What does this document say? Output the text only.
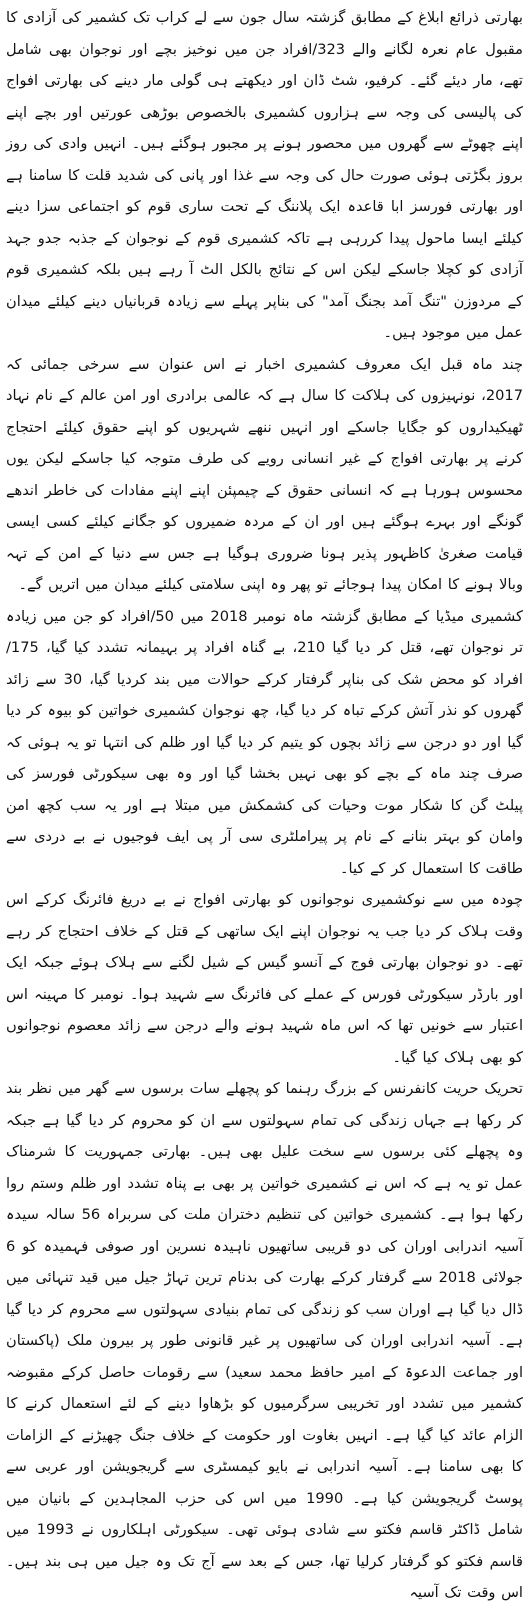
بھارتی ذرائع ابلاغ کے مطابق گزشتہ سال جون سے لے کراب تک کشمیر کی آزادی کا مقبول عام نعرہ لگانے والے 323/افراد جن میں نوخیز بچے اور نوجوان بھی شامل تھے، مار دیئے گئے۔ کرفیو، شٹ ڈان اور دیکھتے ہی گولی مار دینے کی بھارتی افواج کی پالیسی کی وجہ سے ہزاروں کشمیری بالخصوص بوڑھی عورتیں اور بچے اپنے اپنے چھوٹے سے گھروں میں محصور ہونے پر مجبور ہوگئے ہیں۔ انہیں وادی کی روز بروز بگڑتی ہوئی صورت حال کی وجہ سے غذا اور پانی کی شدید قلت کا سامنا ہے اور بھارتی فورسز ابا قاعدہ ایک پلاننگ کے تحت ساری قوم کو اجتماعی سزا دینے کیلئے ایسا ماحول پیدا کررہی ہے تاکہ کشمیری قوم کے نوجوان کے جذبہ جدو جہد آزادی کو کچلا جاسکے لیکن اس کے نتائج بالکل الٹ آ رہے ہیں بلکہ کشمیری قوم کے مردوزن "تنگ آمد بجنگ آمد" کی بناپر پہلے سے زیادہ قربانیاں دینے کیلئے میدان عمل میں موجود ہیں۔

چند ماہ قبل ایک معروف کشمیری اخبار نے اس عنوان سے سرخی جمائی کہ 2017، نونہیزوں کی ہلاکت کا سال ہے کہ عالمی برادری اور امن عالم کے نام نہاد ٹھیکیداروں کو جگایا جاسکے اور انہیں ننھے شہریوں کو اپنے حقوق کیلئے احتجاج کرنے پر بھارتی افواج کے غیر انسانی رویے کی طرف متوجہ کیا جاسکے لیکن یوں محسوس ہورہا ہے کہ انسانی حقوق کے چیمپئن اپنے اپنے مفادات کی خاطر اندھے گونگے اور بہرے ہوگئے ہیں اور ان کے مردہ ضمیروں کو جگانے کیلئے کسی ایسی قیامت صغریٰ کاظہور پذیر ہونا ضروری ہوگیا ہے جس سے دنیا کے امن کے تہہ وبالا ہونے کا امکان پیدا ہوجائے تو پھر وہ اپنی سلامتی کیلئے میدان میں اتریں گے۔

کشمیری میڈیا کے مطابق گزشتہ ماہ نومبر 2018 میں 50/افراد کو جن میں زیادہ تر نوجوان تھے، قتل کر دیا گیا 210، بے گناہ افراد پر بہیمانہ تشدد کیا گیا، 175/افراد کو محض شک کی بناپر گرفتار کرکے حوالات میں بند کردیا گیا، 30 سے زائد گھروں کو نذر آتش کرکے تباہ کر دیا گیا، چھ نوجوان کشمیری خواتین کو بیوہ کر دیا گیا اور دو درجن سے زائد بچوں کو یتیم کر دیا گیا اور ظلم کی انتہا تو یہ ہوئی کہ صرف چند ماہ کے بچے کو بھی نہیں بخشا گیا اور وہ بھی سیکورٹی فورسز کی پیلٹ گن کا شکار موت وحیات کی کشمکش میں مبتلا ہے اور یہ سب کچھ امن وامان کو بہتر بنانے کے نام پر پیراملٹری سی آر پی ایف فوجیوں نے بے دردی سے طاقت کا استعمال کر کے کیا۔

چودہ میں سے نوکشمیری نوجوانوں کو بھارتی افواج نے بے دریغ فائرنگ کرکے اس وقت ہلاک کر دیا جب یہ نوجوان اپنے ایک ساتھی کے قتل کے خلاف احتجاج کر رہے تھے۔ دو نوجوان بھارتی فوج کے آنسو گیس کے شیل لگنے سے ہلاک ہوئے جبکہ ایک اور بارڈر سیکورٹی فورس کے عملے کی فائرنگ سے شہید ہوا۔ نومبر کا مہینہ اس اعتبار سے خونیں تھا کہ اس ماہ شہید ہونے والے درجن سے زائد معصوم نوجوانوں کو بھی ہلاک کیا گیا۔

تحریک حریت کانفرنس کے بزرگ رہنما کو پچھلے سات برسوں سے گھر میں نظر بند کر رکھا ہے جہاں زندگی کی تمام سہولتوں سے ان کو محروم کر دیا گیا ہے جبکہ وہ پچھلے کئی برسوں سے سخت علیل بھی ہیں۔ بھارتی جمہوریت کا شرمناک عمل تو یہ ہے کہ اس نے کشمیری خواتین پر بھی بے پناہ تشدد اور ظلم وستم روا رکھا ہوا ہے۔ کشمیری خواتین کی تنظیم دختران ملت کی سربراہ 56 سالہ سیدہ آسیہ اندرابی اوران کی دو قریبی ساتھیوں ناہیدہ نسرین اور صوفی فہمیدہ کو 6 جولائی 2018 سے گرفتار کرکے بھارت کی بدنام ترین تہاڑ جیل میں قید تنہائی میں ڈال دیا گیا ہے اوران سب کو زندگی کی تمام بنیادی سہولتوں سے محروم کر دیا گیا ہے۔ آسیہ اندرابی اوران کی ساتھیوں پر غیر قانونی طور پر بیرون ملک (پاکستان اور جماعت الدعوۃ کے امیر حافظ محمد سعید) سے رقومات حاصل کرکے مقبوضہ کشمیر میں تشدد اور تخریبی سرگرمیوں کو بڑھاوا دینے کے لئے استعمال کرنے کا الزام عائد کیا گیا ہے۔ انہیں بغاوت اور حکومت کے خلاف جنگ چھیڑنے کے الزامات کا بھی سامنا ہے۔ آسیہ اندرابی نے بایو کیمسٹری سے گریجویشن اور عربی سے پوسٹ گریجویشن کیا ہے۔ 1990 میں اس کی حزب المجاہدین کے بانیان میں شامل ڈاکٹر قاسم فکتو سے شادی ہوئی تھی۔ سیکورٹی اہلکاروں نے 1993 میں قاسم فکتو کو گرفتار کرلیا تھا، جس کے بعد سے آج تک وہ جیل میں ہی بند ہیں۔ اس وقت تک آسیہ
